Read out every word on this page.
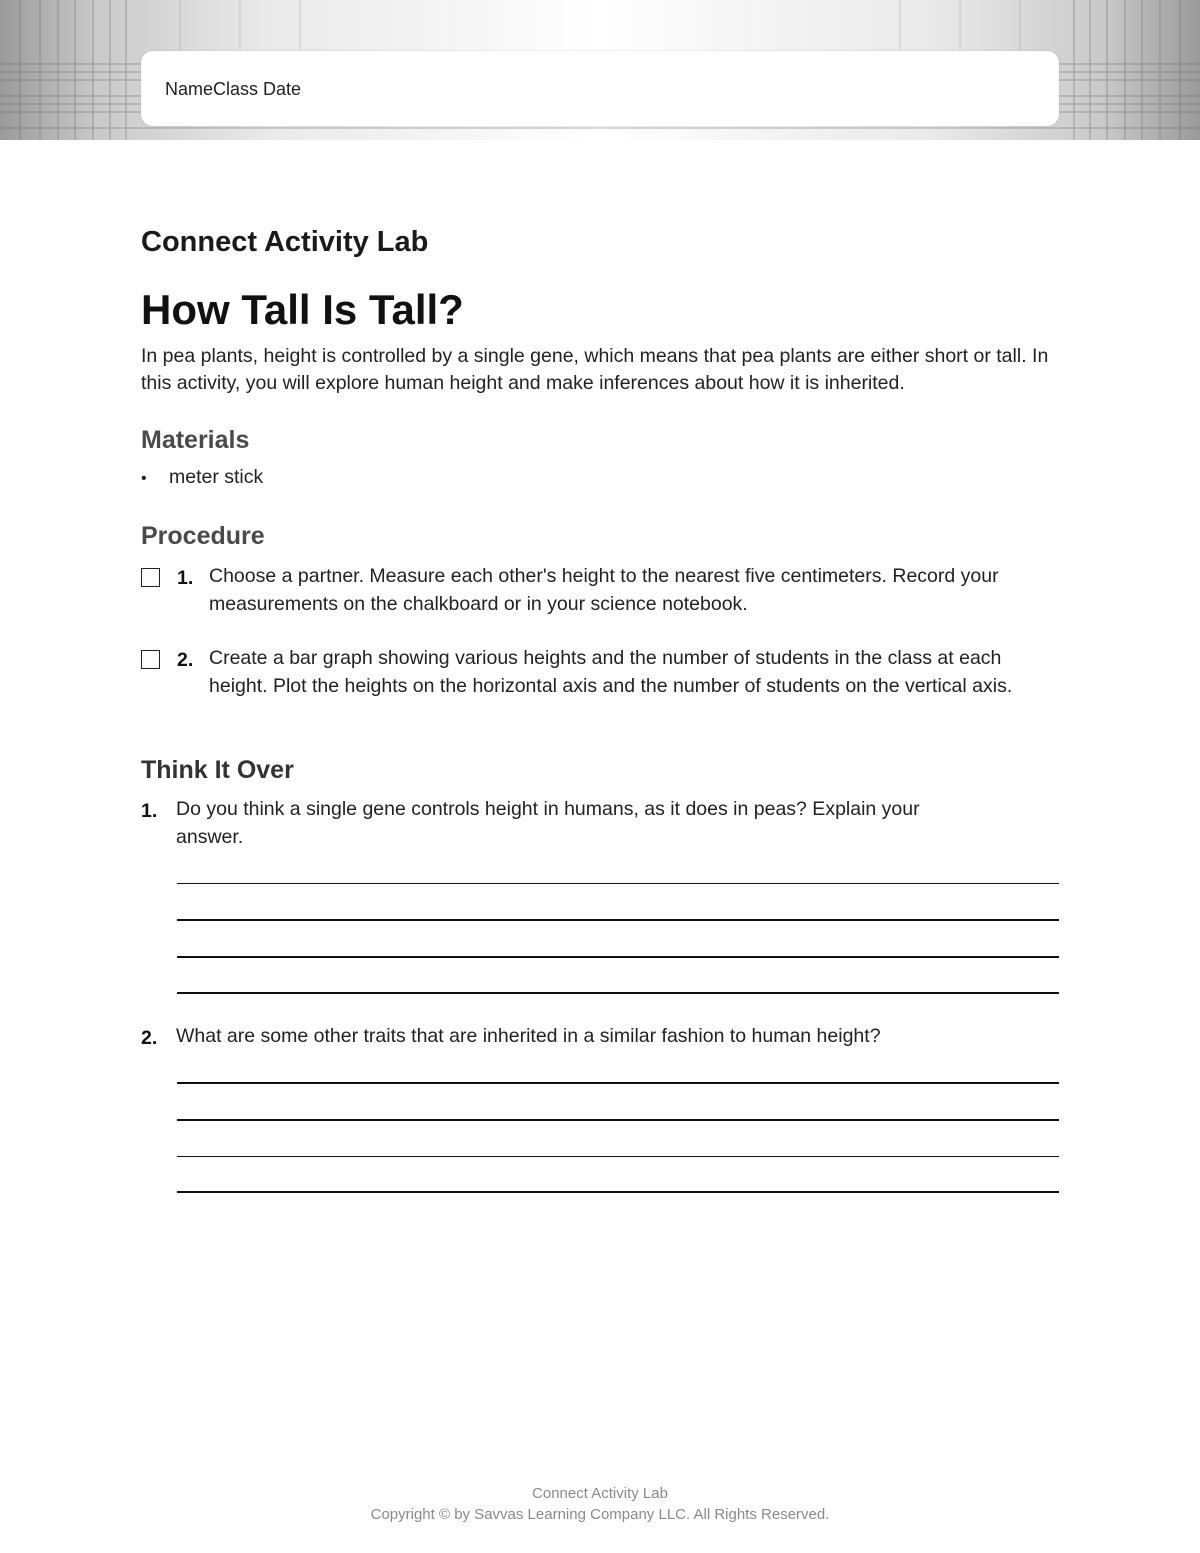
NameClass Date
Connect Activity Lab
How Tall Is Tall?

In pea plants, height is controlled by a single gene, which means that pea plants are either short or tall. In this activity, you will explore human height and make inferences about how it is inherited.

Materials
• meter stick
Procedure
1. Choose a partner. Measure each other's height to the nearest five centimeters. Record your measurements on the chalkboard or in your science notebook.
2. Create a bar graph showing various heights and the number of students in the class at each height. Plot the heights on the horizontal axis and the number of students on the vertical axis.
Think It Over
1. Do you think a single gene controls height in humans, as it does in peas? Explain your answer.
2. What are some other traits that are inherited in a similar fashion to human height?
Connect Activity Lab
Copyright © by Savvas Learning Company LLC. All Rights Reserved.
